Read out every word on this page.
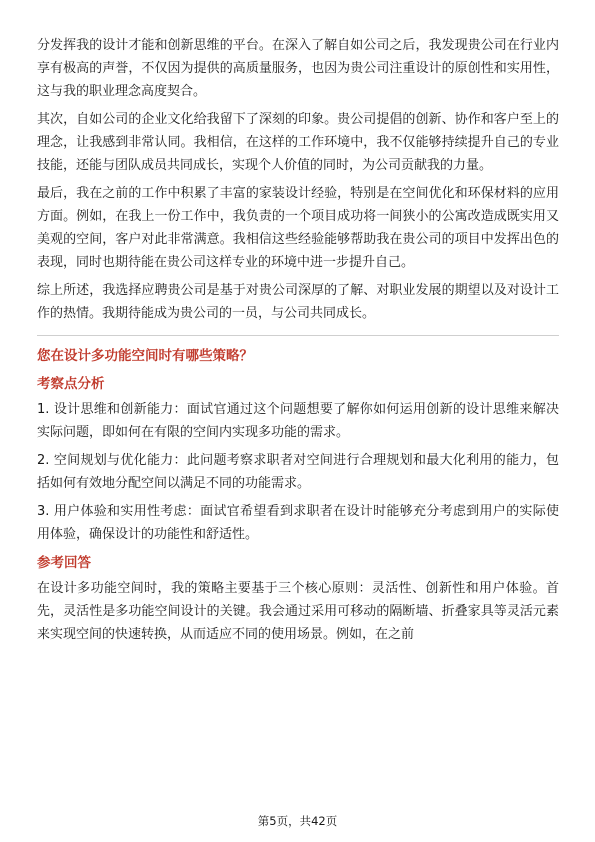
分发挥我的设计才能和创新思维的平台。在深入了解自如公司之后，我发现贵公司在行业内享有极高的声誉，不仅因为提供的高质量服务，也因为贵公司注重设计的原创性和实用性，这与我的职业理念高度契合。

其次，自如公司的企业文化给我留下了深刻的印象。贵公司提倡的创新、协作和客户至上的理念，让我感到非常认同。我相信，在这样的工作环境中，我不仅能够持续提升自己的专业技能，还能与团队成员共同成长，实现个人价值的同时，为公司贡献我的力量。

最后，我在之前的工作中积累了丰富的家装设计经验，特别是在空间优化和环保材料的应用方面。例如，在我上一份工作中，我负责的一个项目成功将一间狭小的公寓改造成既实用又美观的空间，客户对此非常满意。我相信这些经验能够帮助我在贵公司的项目中发挥出色的表现，同时也期待能在贵公司这样专业的环境中进一步提升自己。

综上所述，我选择应聘贵公司是基于对贵公司深厚的了解、对职业发展的期望以及对设计工作的热情。我期待能成为贵公司的一员，与公司共同成长。

您在设计多功能空间时有哪些策略？
考察点分析

1. 设计思维和创新能力：面试官通过这个问题想要了解你如何运用创新的设计思维来解决实际问题，即如何在有限的空间内实现多功能的需求。

2. 空间规划与优化能力：此问题考察求职者对空间进行合理规划和最大化利用的能力，包括如何有效地分配空间以满足不同的功能需求。

3. 用户体验和实用性考虑：面试官希望看到求职者在设计时能够充分考虑到用户的实际使用体验，确保设计的功能性和舒适性。

参考回答

在设计多功能空间时，我的策略主要基于三个核心原则：灵活性、创新性和用户体验。首先，灵活性是多功能空间设计的关键。我会通过采用可移动的隔断墙、折叠家具等灵活元素来实现空间的快速转换，从而适应不同的使用场景。例如，在之前

第5页，共42页
